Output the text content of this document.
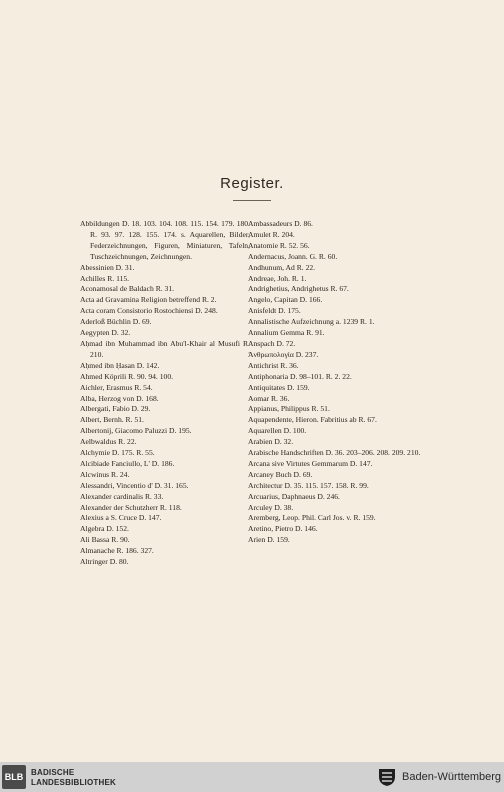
Register.
Abbildungen D. 18. 103. 104. 108. 115. 154. 179. 180. R. 93. 97. 128. 155. 174. s. Aquarellen, Bilder, Federzeichnungen, Figuren, Miniaturen, Tafeln, Tuschzeichnungen, Zeichnungen.
Abessinien D. 31.
Achilles R. 115.
Aconamosal de Baldach R. 31.
Acta ad Gravamina Religion betreffend R. 2.
Acta coram Consistorio Rostochiensi D. 248.
Aderloß Büchlin D. 69.
Aegypten D. 32.
Aḥmad ibn Muhammad ibn Abu'l-Khair al Musufi R. 210.
Aḥmed ibn Ḥasan D. 142.
Ahmed Köprili R. 90. 94. 100.
Aichler, Erasmus R. 54.
Alba, Herzog von D. 168.
Albergati, Fabio D. 29.
Albert, Bernh. R. 51.
Albertonij, Giacomo Paluzzi D. 195.
Aelbwaldus R. 22.
Alchymie D. 175. R. 55.
Alcibiade Fanciullo, L' D. 186.
Alcwinus R. 24.
Alessandri, Vincentio d' D. 31. 165.
Alexander cardinalis R. 33.
Alexander der Schutzherr R. 118.
Alexius a S. Cruce D. 147.
Algebra D. 152.
Ali Bassa R. 90.
Almanache R. 186. 327.
Altringer D. 80.
Ambassadeurs D. 86.
Amulet R. 204.
Anatomie R. 52. 56.
Andernacus, Joann. G. R. 60.
Andhunum, Ad R. 22.
Andreae, Joh. R. 1.
Andrighetius, Andrighetus R. 67.
Angelo, Capitan D. 166.
Anisfeldt D. 175.
Annalistische Aufzeichnung a. 1239 R. 1.
Annalium Gemma R. 91.
Anspach D. 72.
Ἀνθρωπολογία D. 237.
Antichrist R. 36.
Antiphonaria D. 98–101. R. 2. 22.
Antiquitates D. 159.
Aomar R. 36.
Appianus, Philippus R. 51.
Aquapendente, Hieron. Fabritius ab R. 67.
Aquarellen D. 100.
Arabien D. 32.
Arabische Handschriften D. 36. 203–206. 208. 209. 210.
Arcana sive Virtutes Gemmarum D. 147.
Arcaney Buch D. 69.
Architectur D. 35. 115. 157. 158. R. 99.
Arcuarius, Daphnaeus D. 246.
Arculey D. 38.
Aremberg, Leop. Phil. Carl Jos. v. R. 159.
Aretino, Pietro D. 146.
Arien D. 159.
BLB BADISCHE
LANDESBIBLIOTHEK	Baden-Württemberg
